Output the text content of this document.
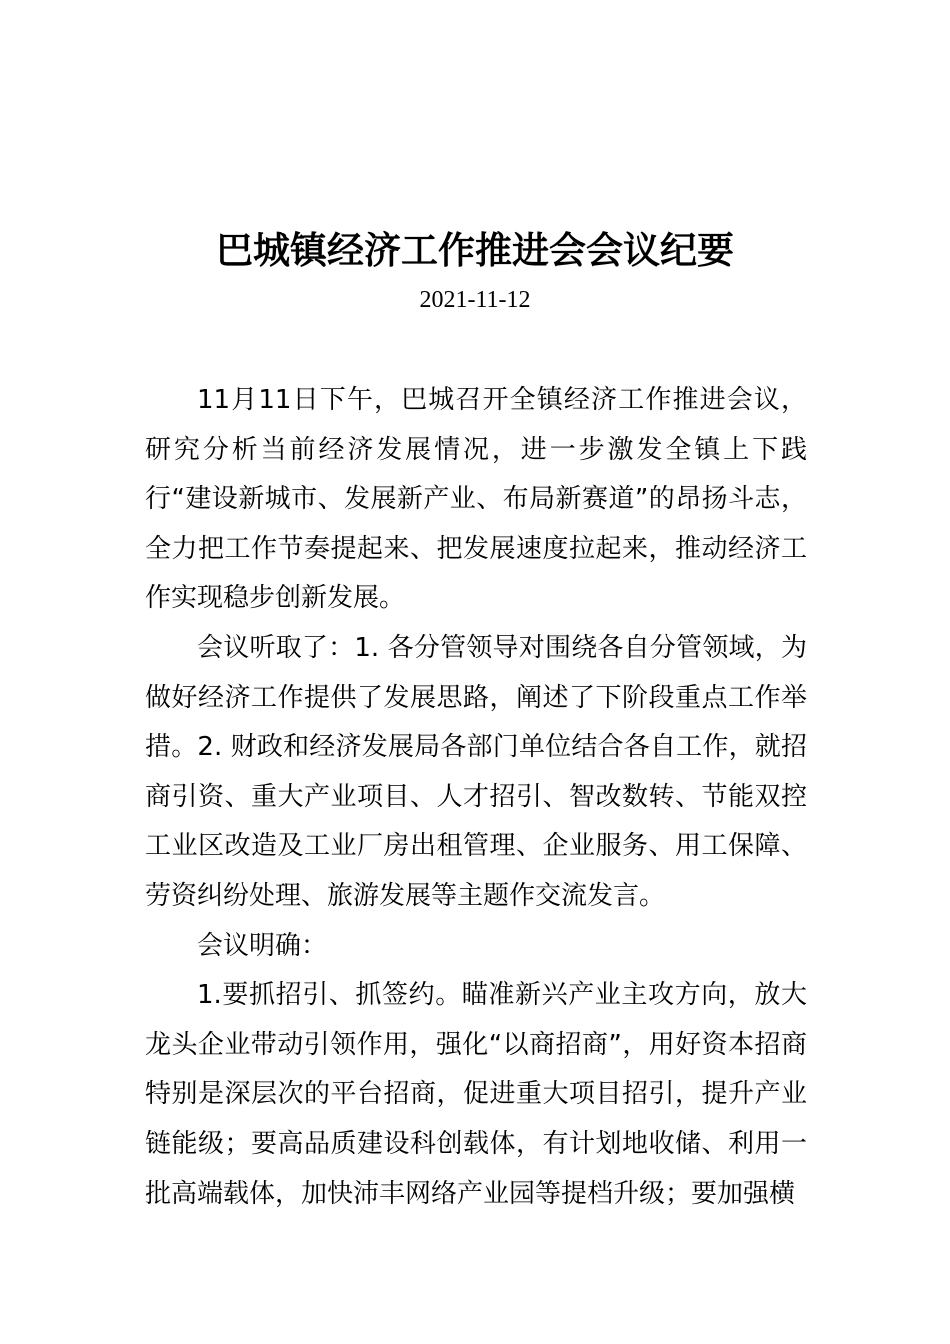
巴城镇经济工作推进会会议纪要
2021-11-12

11月11日下午，巴城召开全镇经济工作推进会议，研究分析当前经济发展情况，进一步激发全镇上下践行“建设新城市、发展新产业、布局新赛道”的昂扬斗志，全力把工作节奏提起来、把发展速度拉起来，推动经济工作实现稳步创新发展。

会议听取了：1. 各分管领导对围绕各自分管领域，为做好经济工作提供了发展思路，阐述了下阶段重点工作举措。2. 财政和经济发展局各部门单位结合各自工作，就招商引资、重大产业项目、人才招引、智改数转、节能双控工业区改造及工业厂房出租管理、企业服务、用工保障、劳资纠纷处理、旅游发展等主题作交流发言。

会议明确：

1.要抓招引、抓签约。瞄准新兴产业主攻方向，放大龙头企业带动引领作用，强化“以商招商”，用好资本招商特别是深层次的平台招商，促进重大项目招引，提升产业链能级；要高品质建设科创载体，有计划地收储、利用一批高端载体，加快沛丰网络产业园等提档升级；要加强横
